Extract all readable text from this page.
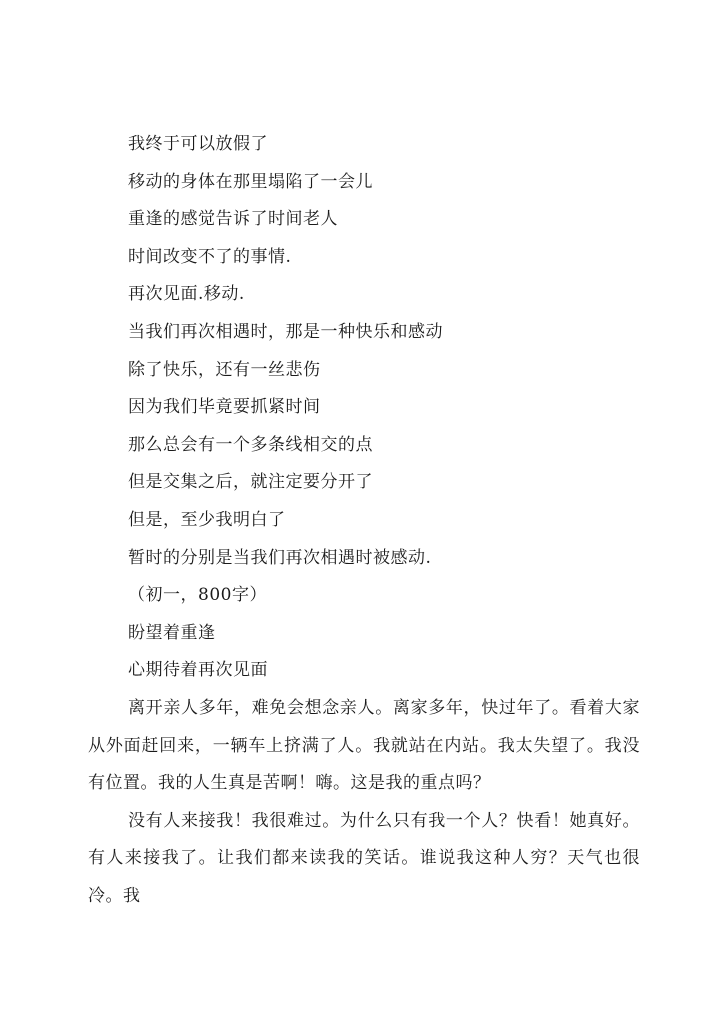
我终于可以放假了

移动的身体在那里塌陷了一会儿

重逢的感觉告诉了时间老人

时间改变不了的事情.

再次见面.移动.

当我们再次相遇时，那是一种快乐和感动

除了快乐，还有一丝悲伤

因为我们毕竟要抓紧时间

那么总会有一个多条线相交的点

但是交集之后，就注定要分开了

但是，至少我明白了

暂时的分别是当我们再次相遇时被感动.

（初一，800字）

盼望着重逢

心期待着再次见面

离开亲人多年，难免会想念亲人。离家多年，快过年了。看着大家从外面赶回来，一辆车上挤满了人。我就站在内站。我太失望了。我没有位置。我的人生真是苦啊！嗨。这是我的重点吗？

没有人来接我！我很难过。为什么只有我一个人？快看！她真好。有人来接我了。让我们都来读我的笑话。谁说我这种人穷？天气也很冷。我
